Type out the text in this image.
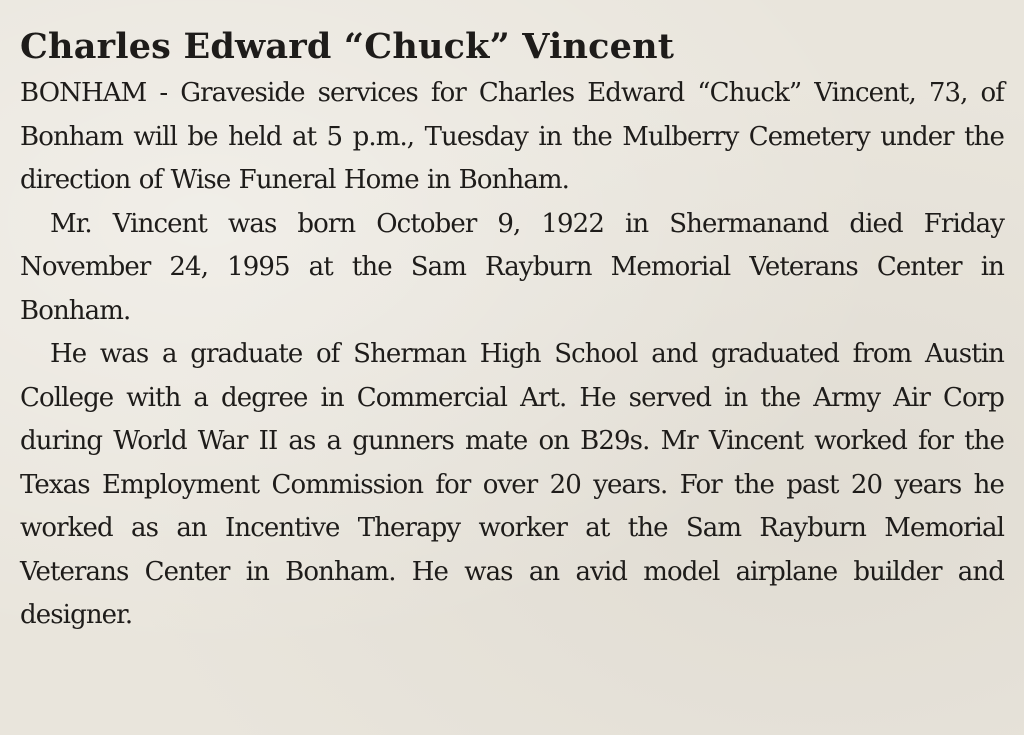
Charles Edward “Chuck” Vincent

BONHAM - Graveside services for Charles Edward “Chuck” Vincent, 73, of Bonham will be held at 5 p.m., Tuesday in the Mulberry Cemetery under the direction of Wise Funeral Home in Bonham.

Mr. Vincent was born October 9, 1922 in Shermanand died Friday November 24, 1995 at the Sam Rayburn Memorial Veterans Center in Bonham.

He was a graduate of Sherman High School and graduated from Austin College with a degree in Commercial Art. He served in the Army Air Corp during World War II as a gunners mate on B29s. Mr Vincent worked for the Texas Employment Commission for over 20 years. For the past 20 years he worked as an Incentive Therapy worker at the Sam Rayburn Memorial Veterans Center in Bonham. He was an avid model airplane builder and designer.
